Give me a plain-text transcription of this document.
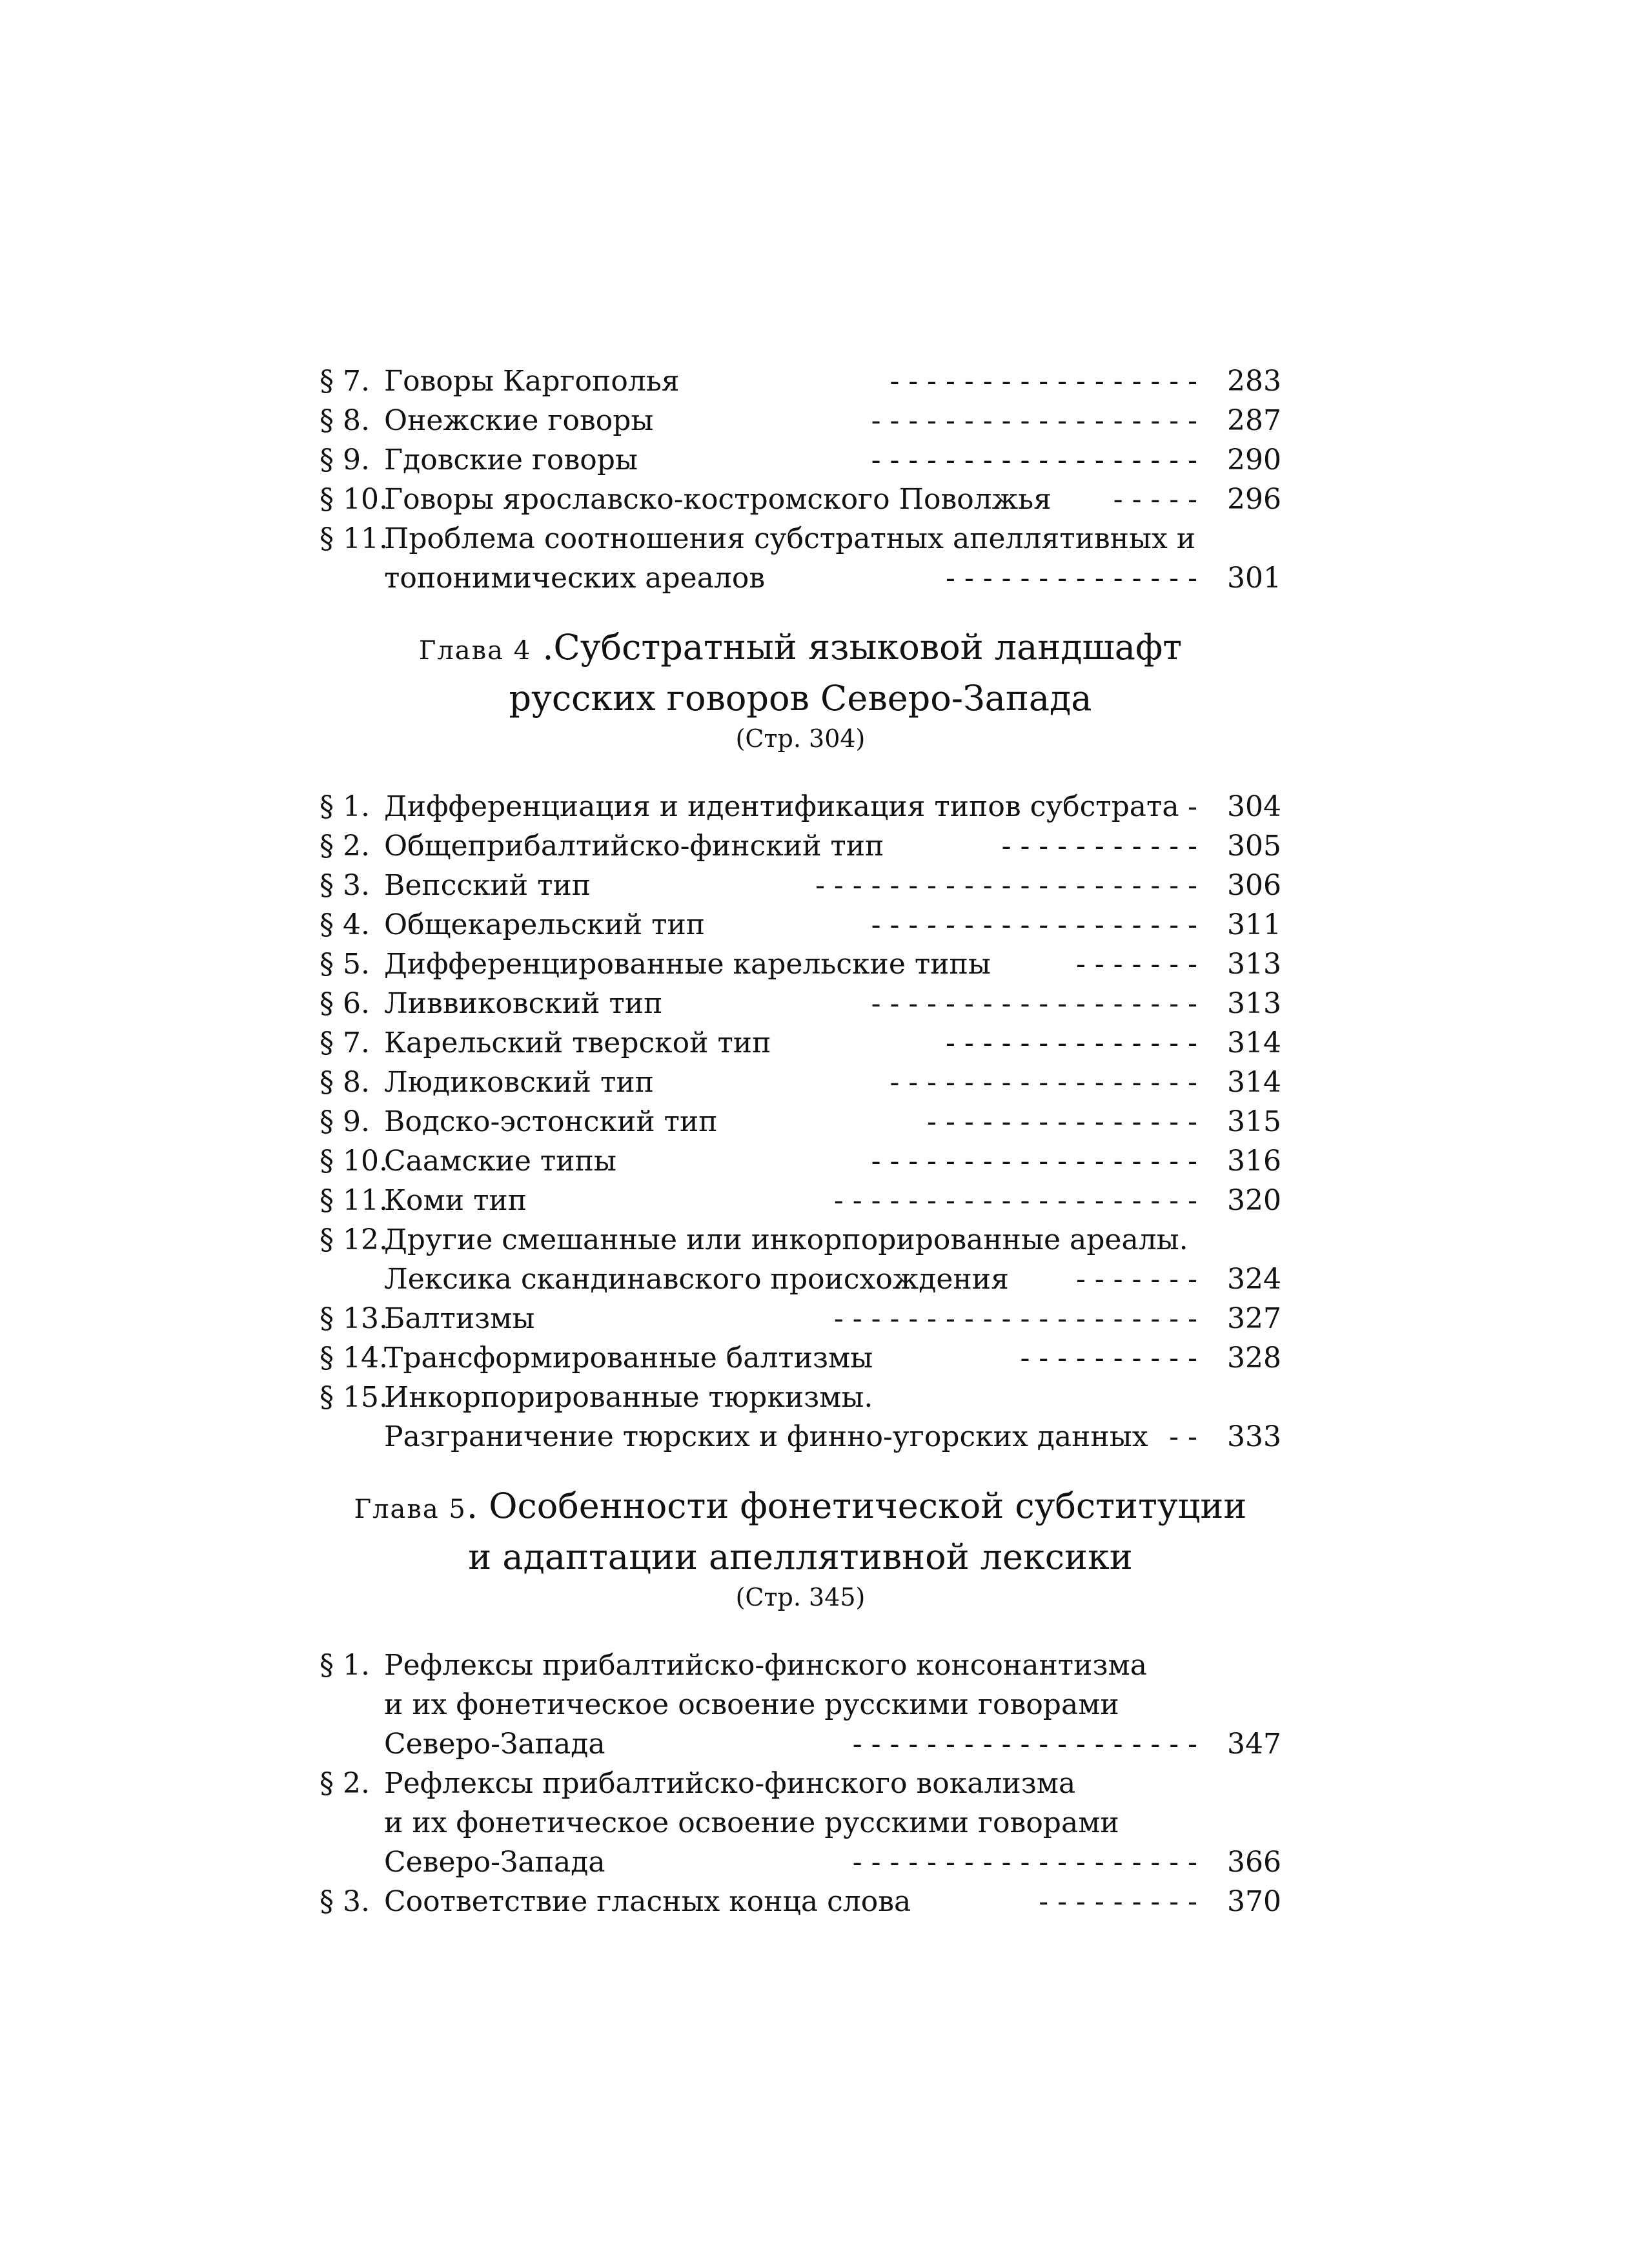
§ 7. Говоры Каргополья	- - - - - - - - - - - - - - - - -	283
§ 8. Онежские говоры	- - - - - - - - - - - - - - - - - -	287
§ 9. Гдовские говоры	- - - - - - - - - - - - - - - - - -	290
§ 10.Говоры ярославско-костромского Поволжья - - - - -	296
§ 11.Проблема соотношения субстратных апеллятивных и
топонимических ареалов	- - - - - - - - - - - - - -	301
Глава 4 .Субстратный языковой ландшафт
русских говоров Северо-Запада
(Стр. 304)
§ 1. Дифференциация и идентификация типов субстрата -	304
§ 2. Общеприбалтийско-финский тип	- - - - - - - - - - -	305
§ 3. Вепсский тип	- - - - - - - - - - - - - - - - - - - - -	306
§ 4. Общекарельский тип	- - - - - - - - - - - - - - - - - -	311
§ 5. Дифференцированные карельские типы	- - - - - - -	313
§ 6. Ливвиковский тип	- - - - - - - - - - - - - - - - - -	313
§ 7. Карельский тверской тип	- - - - - - - - - - - - - -	314
§ 8. Людиковский тип	- - - - - - - - - - - - - - - - -	314
§ 9. Водско-эстонский тип	- - - - - - - - - - - - - - -	315
§ 10.Саамские типы	- - - - - - - - - - - - - - - - - -	316
§ 11.Коми тип	- - - - - - - - - - - - - - - - - - - -	320
§ 12.Другие смешанные или инкорпорированные ареалы.
Лексика скандинавского происхождения - - - - - - -	324
§ 13.Балтизмы	- - - - - - - - - - - - - - - - - - - -	327
§ 14.Трансформированные балтизмы	- - - - - - - - - -	328
§ 15.Инкорпорированные тюркизмы.
Разграничение тюрских и финно-угорских данных - -	333
Глава 5. Особенности фонетической субституции
и адаптации апеллятивной лексики
(Стр. 345)
§ 1. Рефлексы прибалтийско-финского консонантизма
и их фонетическое освоение русскими говорами
Северо-Запада	- - - - - - - - - - - - - - - - - - -	347
§ 2. Рефлексы прибалтийско-финского вокализма
и их фонетическое освоение русскими говорами
Северо-Запада	- - - - - - - - - - - - - - - - - - -	366
§ 3. Соответствие гласных конца слова	- - - - - - - - -	370
